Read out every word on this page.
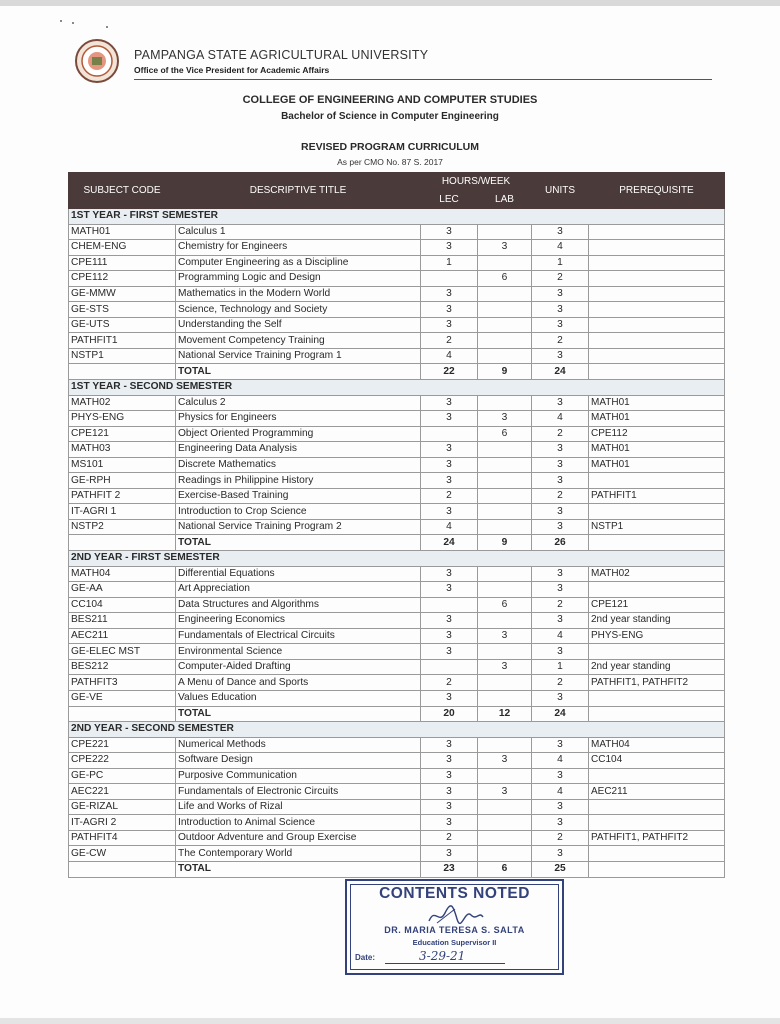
PAMPANGA STATE AGRICULTURAL UNIVERSITY
Office of the Vice President for Academic Affairs
COLLEGE OF ENGINEERING AND COMPUTER STUDIES
Bachelor of Science in Computer Engineering
REVISED PROGRAM CURRICULUM
As per CMO No. 87 S. 2017
SUBJECT CODE	DESCRIPTIVE TITLE	HOURS/WEEK		UNITS	PREREQUISITE
		LEC	LAB		
1ST YEAR - FIRST SEMESTER					
MATH01	Calculus 1	3		3	
CHEM-ENG	Chemistry for Engineers	3	3	4	
CPE111	Computer Engineering as a Discipline	1		1	
CPE112	Programming Logic and Design		6	2	
GE-MMW	Mathematics in the Modern World	3		3	
GE-STS	Science, Technology and Society	3		3	
GE-UTS	Understanding the Self	3		3	
PATHFIT1	Movement Competency Training	2		2	
NSTP1	National Service Training Program 1	4		3	
	TOTAL	22	9	24	
1ST YEAR - SECOND SEMESTER					
MATH02	Calculus 2	3		3	MATH01
PHYS-ENG	Physics for Engineers	3	3	4	MATH01
CPE121	Object Oriented Programming		6	2	CPE112
MATH03	Engineering Data Analysis	3		3	MATH01
MS101	Discrete Mathematics	3		3	MATH01
GE-RPH	Readings in Philippine History	3		3	
PATHFIT 2	Exercise-Based Training	2		2	PATHFIT1
IT-AGRI 1	Introduction to Crop Science	3		3	
NSTP2	National Service Training Program 2	4		3	NSTP1
	TOTAL	24	9	26	
2ND YEAR - FIRST SEMESTER					
MATH04	Differential Equations	3		3	MATH02
GE-AA	Art Appreciation	3		3	
CC104	Data Structures and Algorithms		6	2	CPE121
BES211	Engineering Economics	3		3	2nd year standing
AEC211	Fundamentals of Electrical Circuits	3	3	4	PHYS-ENG
GE-ELEC MST	Environmental Science	3		3	
BES212	Computer-Aided Drafting		3	1	2nd year standing
PATHFIT3	A Menu of Dance and Sports	2		2	PATHFIT1, PATHFIT2
GE-VE	Values Education	3		3	
	TOTAL	20	12	24	
2ND YEAR - SECOND SEMESTER					
CPE221	Numerical Methods	3		3	MATH04
CPE222	Software Design	3	3	4	CC104
GE-PC	Purposive Communication	3		3	
AEC221	Fundamentals of Electronic Circuits	3	3	4	AEC211
GE-RIZAL	Life and Works of Rizal	3		3	
IT-AGRI 2	Introduction to Animal Science	3		3	
PATHFIT4	Outdoor Adventure and Group Exercise	2		2	PATHFIT1, PATHFIT2
GE-CW	The Contemporary World	3		3	
	TOTAL	23	6	25	
CONTENTS NOTED
DR. MARIA TERESA S. SALTA
Education Supervisor II
Date:	3-29-21
